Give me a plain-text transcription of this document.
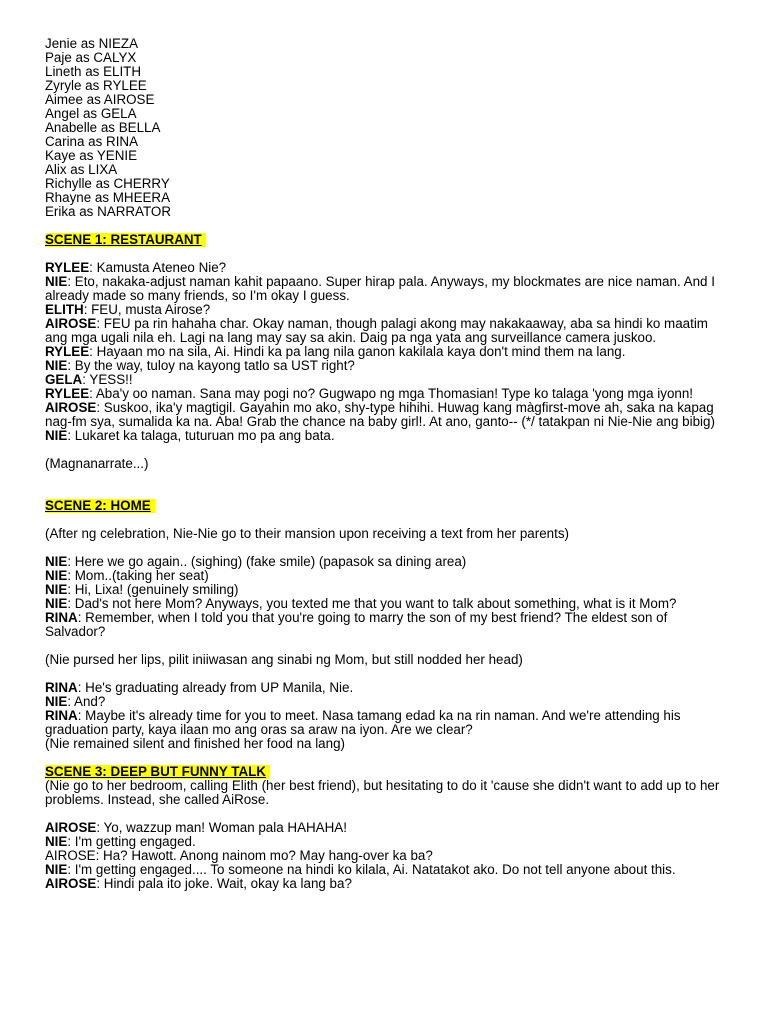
Jenie as NIEZA
Paje as CALYX
Lineth as ELITH
Zyryle as RYLEE
Aimee as AIROSE
Angel as GELA
Anabelle as BELLA
Carina as RINA
Kaye as YENIE
Alix as LIXA
Richylle as CHERRY
Rhayne as MHEERA
Erika as NARRATOR
SCENE 1: RESTAURANT

RYLEE: Kamusta Ateneo Nie?

NIE: Eto, nakaka-adjust naman kahit papaano. Super hirap pala. Anyways, my blockmates are nice naman. And I already made so many friends, so I'm okay I guess.

ELITH: FEU, musta Airose?

AIROSE: FEU pa rin hahaha char. Okay naman, though palagi akong may nakakaaway, aba sa hindi ko maatim ang mga ugali nila eh. Lagi na lang may say sa akin. Daig pa nga yata ang surveillance camera juskoo.

RYLEE: Hayaan mo na sila, Ai. Hindi ka pa lang nila ganon kakilala kaya don't mind them na lang.

NIE: By the way, tuloy na kayong tatlo sa UST right?

GELA: YESS!!

RYLEE: Aba'y oo naman. Sana may pogi no? Gugwapo ng mga Thomasian! Type ko talaga 'yong mga iyonn!

AIROSE: Suskoo, ika'y magtigil. Gayahin mo ako, shy-type hihihi. Huwag kang màgfirst-move ah, saka na kapag nag-fm sya, sumalida ka na. Aba! Grab the chance na baby girl!. At ano, ganto-- (*/ tatakpan ni Nie-Nie ang bibig)

NIE: Lukaret ka talaga, tuturuan mo pa ang bata.

(Magnanarrate...)

SCENE 2: HOME

(After ng celebration, Nie-Nie go to their mansion upon receiving a text from her parents)

NIE: Here we go again.. (sighing) (fake smile) (papasok sa dining area)

NIE: Mom..(taking her seat)

NIE: Hi, Lixa! (genuinely smiling)

NIE: Dad's not here Mom? Anyways, you texted me that you want to talk about something, what is it Mom?

RINA: Remember, when I told you that you're going to marry the son of my best friend? The eldest son of Salvador?

(Nie pursed her lips, pilit iniiwasan ang sinabi ng Mom, but still nodded her head)

RINA: He's graduating already from UP Manila, Nie.

NIE: And?

RINA: Maybe it's already time for you to meet. Nasa tamang edad ka na rin naman. And we're attending his graduation party, kaya ilaan mo ang oras sa araw na iyon. Are we clear?

(Nie remained silent and finished her food na lang)

SCENE 3: DEEP BUT FUNNY TALK

(Nie go to her bedroom, calling Elith (her best friend), but hesitating to do it 'cause she didn't want to add up to her problems. Instead, she called AiRose.

AIROSE: Yo, wazzup man! Woman pala HAHAHA!

NIE: I'm getting engaged.

AIROSE: Ha? Hawott. Anong nainom mo? May hang-over ka ba?

NIE: I'm getting engaged.... To someone na hindi ko kilala, Ai. Natatakot ako. Do not tell anyone about this.

AIROSE: Hindi pala ito joke. Wait, okay ka lang ba?
